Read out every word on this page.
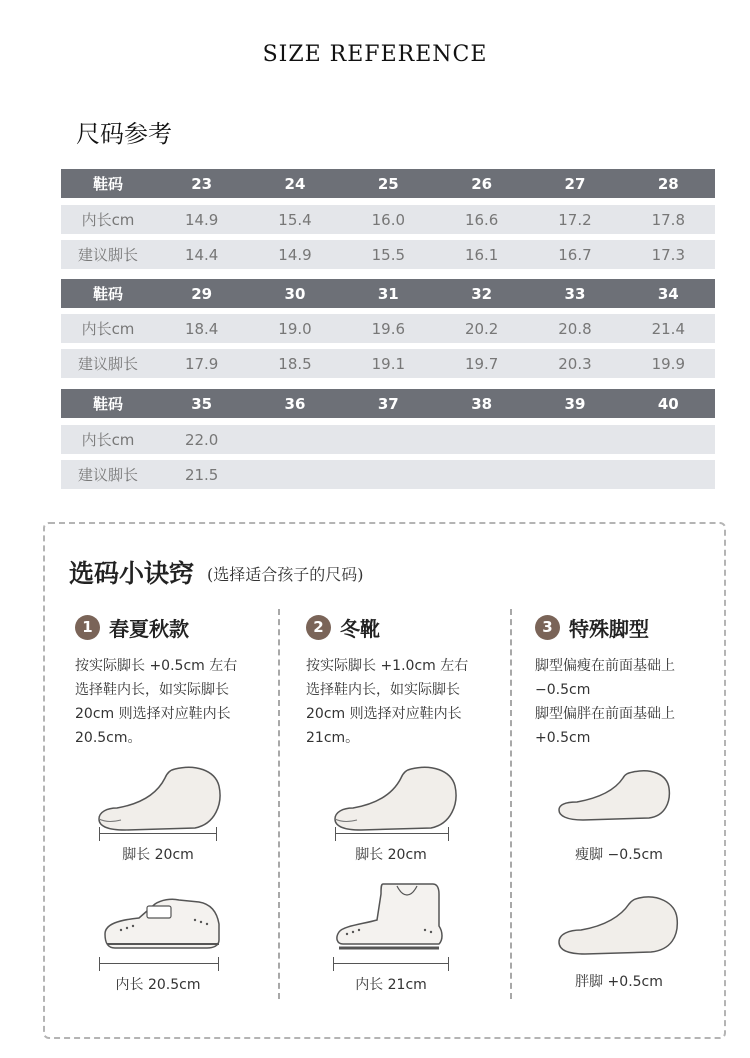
SIZE REFERENCE
尺码参考
鞋码	23	24	25	26	27	28
内长cm	14.9	15.4	16.0	16.6	17.2	17.8
建议脚长	14.4	14.9	15.5	16.1	16.7	17.3
鞋码	29	30	31	32	33	34
内长cm	18.4	19.0	19.6	20.2	20.8	21.4
建议脚长	17.9	18.5	19.1	19.7	20.3	19.9
鞋码	35	36	37	38	39	40
内长cm	22.0
建议脚长	21.5
选码小诀窍 (选择适合孩子的尺码)
1 春夏秋款
按实际脚长 +0.5cm 左右
选择鞋内长，如实际脚长
20cm 则选择对应鞋内长
20.5cm。
2 冬靴
按实际脚长 +1.0cm 左右
选择鞋内长，如实际脚长
20cm 则选择对应鞋内长
21cm。
3 特殊脚型
脚型偏瘦在前面基础上
−0.5cm
脚型偏胖在前面基础上
+0.5cm
脚长 20cm
内长 20.5cm
脚长 20cm
内长 21cm
瘦脚 −0.5cm
胖脚 +0.5cm
